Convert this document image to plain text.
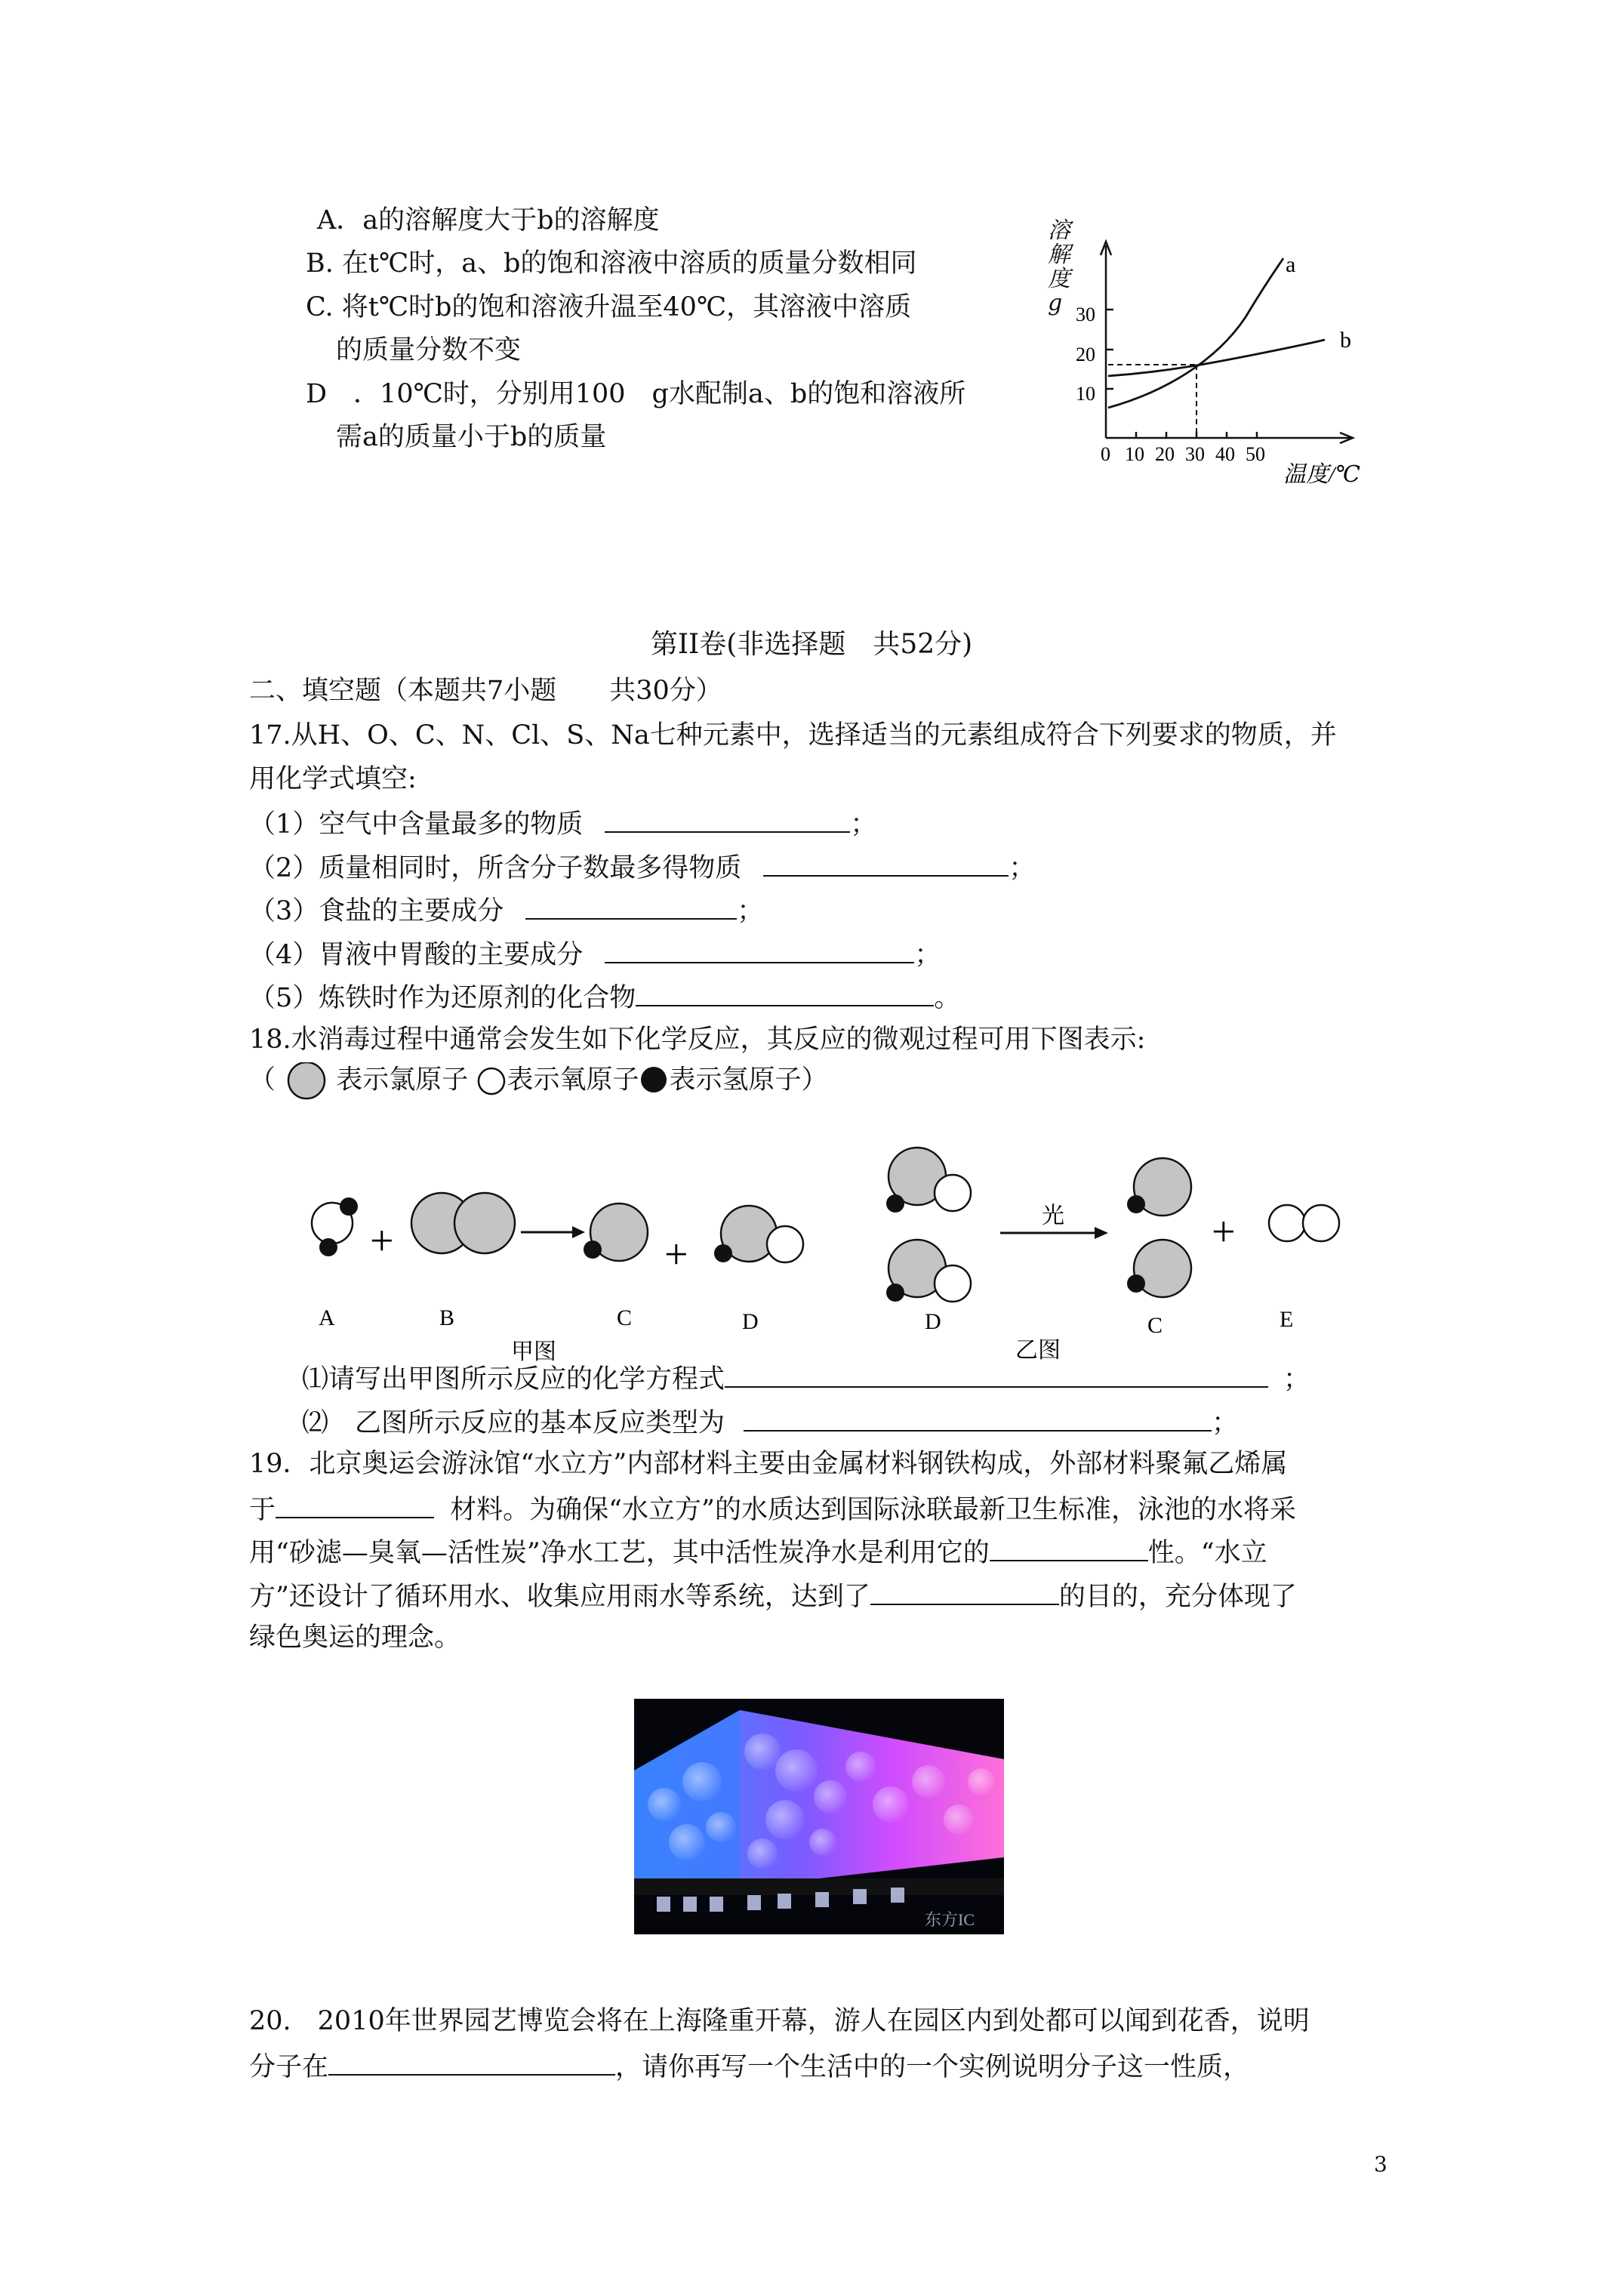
A．a的溶解度大于b的溶解度
B. 在t℃时，a、b的饱和溶液中溶质的质量分数相同
C. 将t℃时b的饱和溶液升温至40℃，其溶液中溶质
的质量分数不变
D　．10℃时，分别用100　g水配制a、b的饱和溶液所
需a的质量小于b的质量
30
20
10
0 10 20 30 40 50
温度/℃
a
b
溶
解
度
g
第II卷(非选择题　共52分)
二、填空题（本题共7小题　　共30分）
17.从H、O、C、N、Cl、S、Na七种元素中，选择适当的元素组成符合下列要求的物质，并
用化学式填空:
（1）空气中含量最多的物质	；
（2）质量相同时，所含分子数最多得物质	；
（3）食盐的主要成分	；
（4）胃液中胃酸的主要成分	；
（5）炼铁时作为还原剂的化合物	。
18.水消毒过程中通常会发生如下化学反应，其反应的微观过程可用下图表示:
（ 表示氯原子 表示氧原子 表示氢原子）
+	+
光	+
A	B	C	D	D	C	E
甲图	乙图
⑴请写出甲图所示反应的化学方程式	；
⑵　乙图所示反应的基本反应类型为	；
19．北京奥运会游泳馆“水立方”内部材料主要由金属材料钢铁构成，外部材料聚氟乙烯属
于	材料。为确保“水立方”的水质达到国际泳联最新卫生标准，泳池的水将采
用“砂滤—臭氧—活性炭”净水工艺，其中活性炭净水是利用它的	性。“水立
方”还设计了循环用水、收集应用雨水等系统，达到了	的目的，充分体现了
绿色奥运的理念。
东方IC
20.　2010年世界园艺博览会将在上海隆重开幕，游人在园区内到处都可以闻到花香，说明
分子在	，请你再写一个生活中的一个实例说明分子这一性质，
3
